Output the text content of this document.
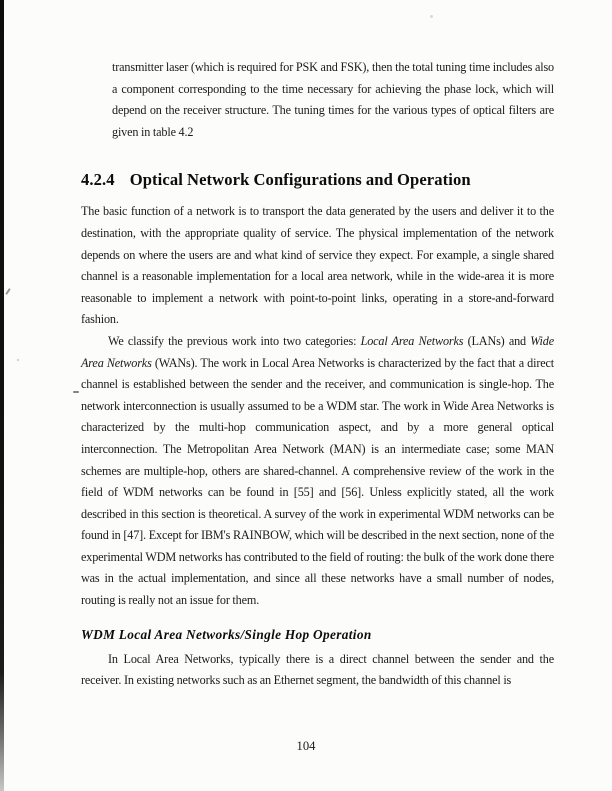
transmitter laser (which is required for PSK and FSK), then the total tuning time includes also a component corresponding to the time necessary for achieving the phase lock, which will depend on the receiver structure. The tuning times for the various types of optical filters are given in table 4.2

4.2.4 Optical Network Configurations and Operation

The basic function of a network is to transport the data generated by the users and deliver it to the destination, with the appropriate quality of service. The physical implementation of the network depends on where the users are and what kind of service they expect. For example, a single shared channel is a reasonable implementation for a local area network, while in the wide-area it is more reasonable to implement a network with point-to-point links, operating in a store-and-forward fashion.

We classify the previous work into two categories: Local Area Networks (LANs) and Wide Area Networks (WANs). The work in Local Area Networks is characterized by the fact that a direct channel is established between the sender and the receiver, and communication is single-hop. The network interconnection is usually assumed to be a WDM star. The work in Wide Area Networks is characterized by the multi-hop communication aspect, and by a more general optical interconnection. The Metropolitan Area Network (MAN) is an intermediate case; some MAN schemes are multiple-hop, others are shared-channel. A comprehensive review of the work in the field of WDM networks can be found in [55] and [56]. Unless explicitly stated, all the work described in this section is theoretical. A survey of the work in experimental WDM networks can be found in [47]. Except for IBM's RAINBOW, which will be described in the next section, none of the experimental WDM networks has contributed to the field of routing: the bulk of the work done there was in the actual implementation, and since all these networks have a small number of nodes, routing is really not an issue for them.

WDM Local Area Networks/Single Hop Operation

In Local Area Networks, typically there is a direct channel between the sender and the receiver. In existing networks such as an Ethernet segment, the bandwidth of this channel is

104
